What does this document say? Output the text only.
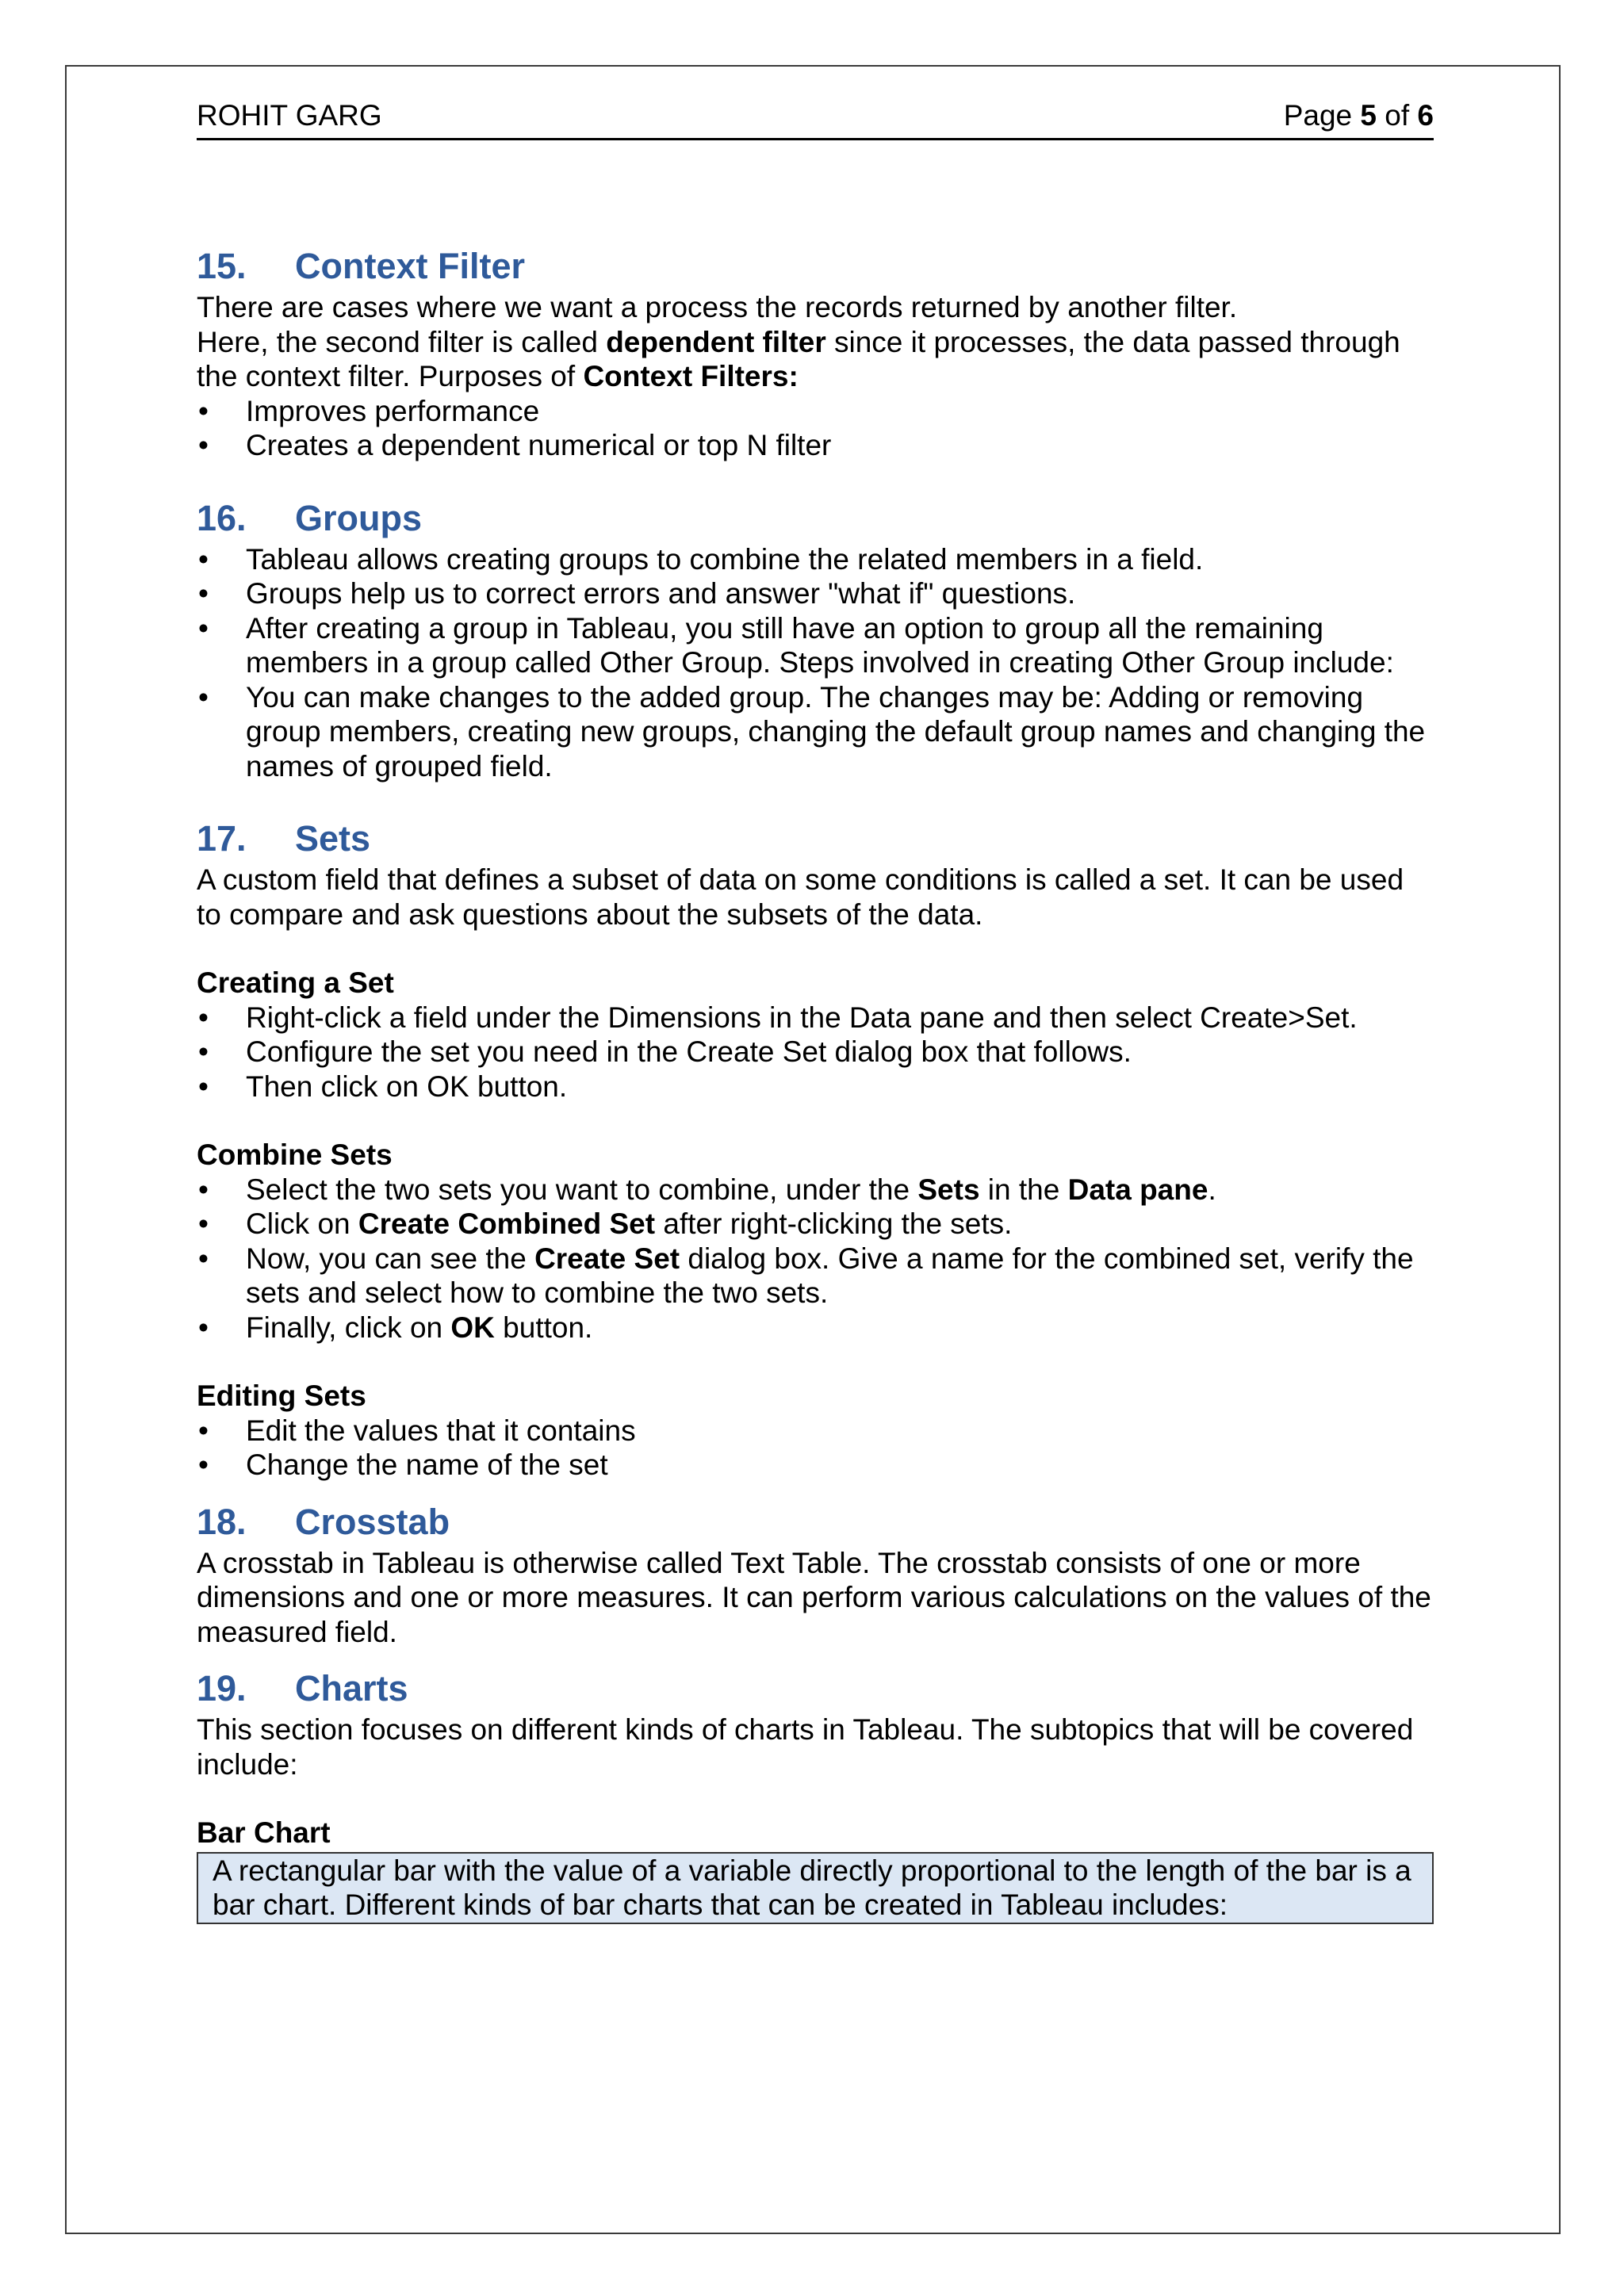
ROHIT GARG	Page 5 of 6
15.	Context Filter

There are cases where we want a process the records returned by another filter.

Here, the second filter is called dependent filter since it processes, the data passed through the context filter. Purposes of Context Filters:

• Improves performance
• Creates a dependent numerical or top N filter
16.	Groups
• Tableau allows creating groups to combine the related members in a field.
• Groups help us to correct errors and answer "what if" questions.
• After creating a group in Tableau, you still have an option to group all the remaining members in a group called Other Group. Steps involved in creating Other Group include:
• You can make changes to the added group. The changes may be: Adding or removing group members, creating new groups, changing the default group names and changing the names of grouped field.
17.	Sets

A custom field that defines a subset of data on some conditions is called a set. It can be used to compare and ask questions about the subsets of the data.

Creating a Set
• Right-click a field under the Dimensions in the Data pane and then select Create>Set.
• Configure the set you need in the Create Set dialog box that follows.
• Then click on OK button.
Combine Sets
• Select the two sets you want to combine, under the Sets in the Data pane.
• Click on Create Combined Set after right-clicking the sets.
• Now, you can see the Create Set dialog box. Give a name for the combined set, verify the sets and select how to combine the two sets.
• Finally, click on OK button.
Editing Sets
• Edit the values that it contains
• Change the name of the set
18.	Crosstab

A crosstab in Tableau is otherwise called Text Table. The crosstab consists of one or more dimensions and one or more measures. It can perform various calculations on the values of the measured field.

19.	Charts

This section focuses on different kinds of charts in Tableau. The subtopics that will be covered include:

Bar Chart
A rectangular bar with the value of a variable directly proportional to the length of the bar is a bar chart. Different kinds of bar charts that can be created in Tableau includes:
